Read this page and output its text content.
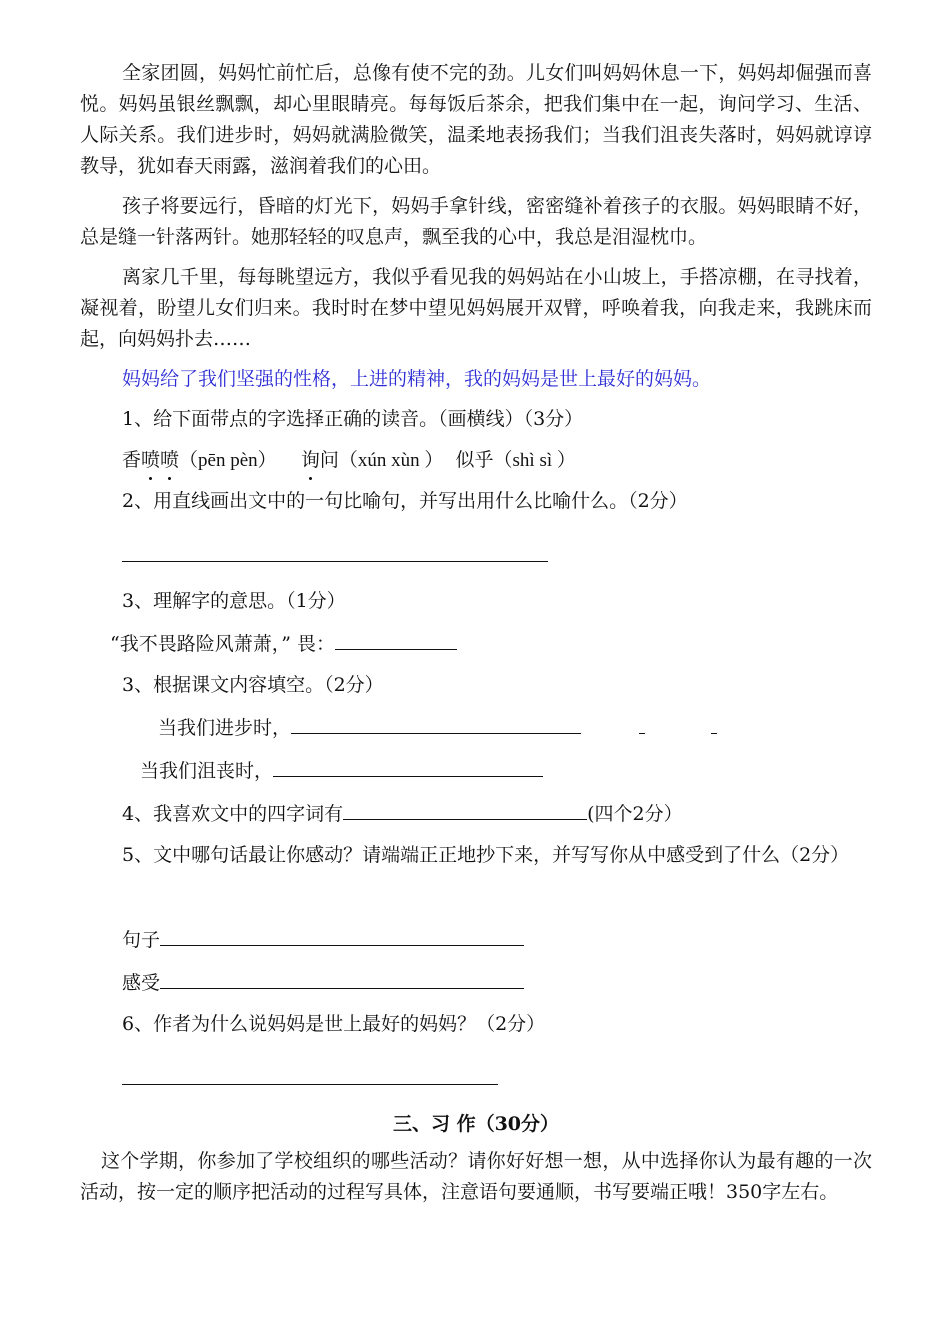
全家团圆，妈妈忙前忙后，总像有使不完的劲。儿女们叫妈妈休息一下，妈妈却倔强而喜悦。妈妈虽银丝飘飘，却心里眼睛亮。每每饭后茶余，把我们集中在一起，询问学习、生活、人际关系。我们进步时，妈妈就满脸微笑，温柔地表扬我们；当我们沮丧失落时，妈妈就谆谆教导，犹如春天雨露，滋润着我们的心田。

孩子将要远行，昏暗的灯光下，妈妈手拿针线，密密缝补着孩子的衣服。妈妈眼睛不好，总是缝一针落两针。她那轻轻的叹息声，飘至我的心中，我总是泪湿枕巾。

离家几千里，每每眺望远方，我似乎看见我的妈妈站在小山坡上，手搭凉棚，在寻找着，凝视着，盼望儿女们归来。我时时在梦中望见妈妈展开双臂，呼唤着我，向我走来，我跳床而起，向妈妈扑去……

妈妈给了我们坚强的性格，上进的精神，我的妈妈是世上最好的妈妈。

1、给下面带点的字选择正确的读音。（画横线）（3分）

香喷喷（pēn pèn） 询问（xún xùn ） 似乎（shì sì ）

2、用直线画出文中的一句比喻句，并写出用什么比喻什么。（2分）

3、理解字的意思。（1分）

“我不畏路险风萧萧，” 畏：

3、根据课文内容填空。（2分）

当我们进步时，

当我们沮丧时，

4、我喜欢文中的四字词有	(四个2分）

5、文中哪句话最让你感动？请端端正正地抄下来，并写写你从中感受到了什么（2分）

句子

感受

6、作者为什么说妈妈是世上最好的妈妈？（2分）

三、习 作（30分）

这个学期，你参加了学校组织的哪些活动？请你好好想一想，从中选择你认为最有趣的一次活动，按一定的顺序把活动的过程写具体，注意语句要通顺，书写要端正哦！350字左右。
